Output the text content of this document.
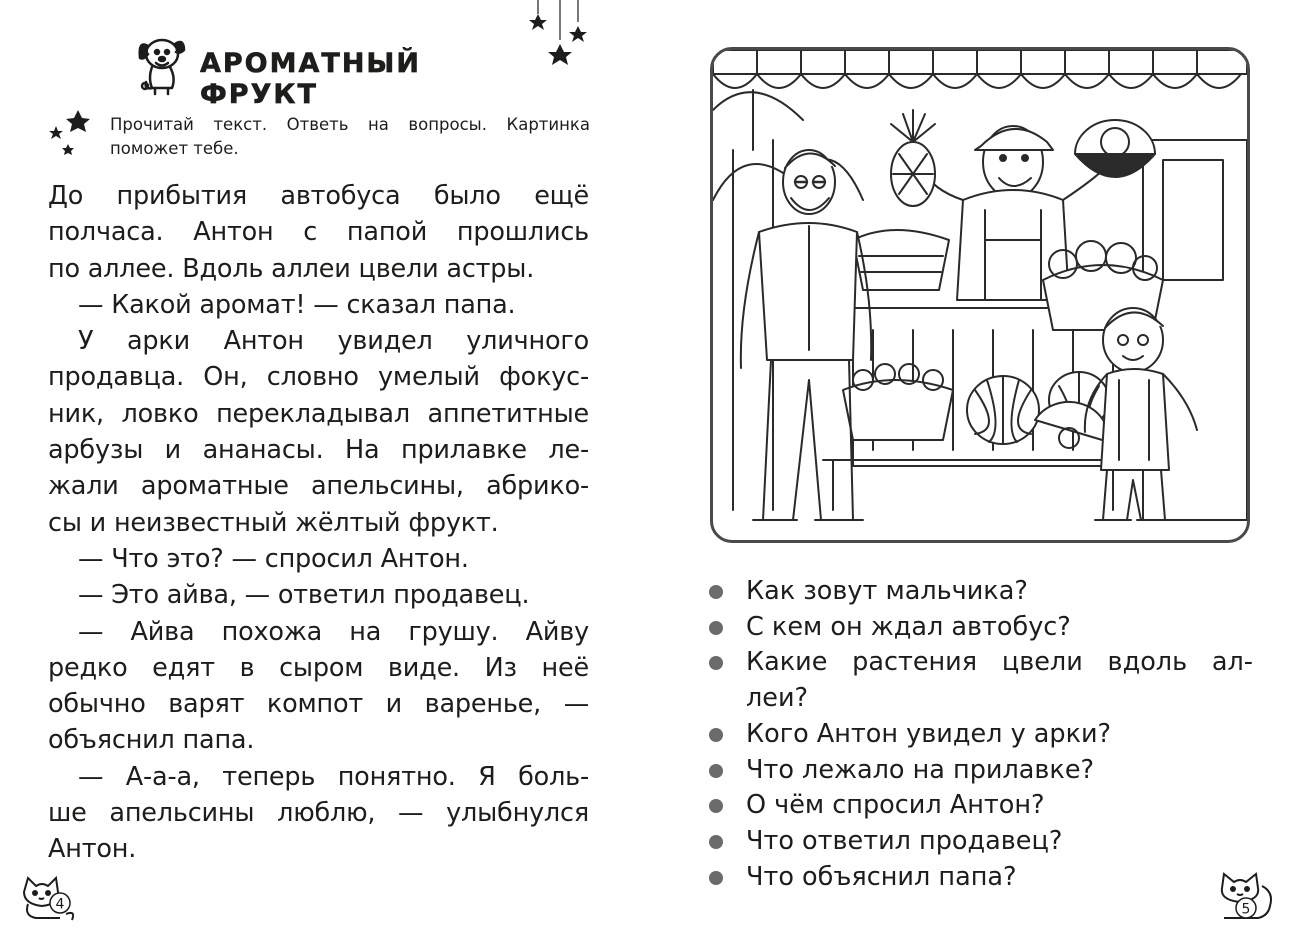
АРОМАТНЫЙ ФРУКТ

Прочитай текст. Ответь на вопросы. Картинка поможет тебе.

До прибытия автобуса было ещё
полчаса. Антон с папой прошлись
по аллее. Вдоль аллеи цвели астры.
— Какой аромат! — сказал папа.
У арки Антон увидел уличного
продавца. Он, словно умелый фокус-
ник, ловко перекладывал аппетитные
арбузы и ананасы. На прилавке ле-
жали ароматные апельсины, абрико-
сы и неизвестный жёлтый фрукт.
— Что это? — спросил Антон.
— Это айва, — ответил продавец.
— Айва похожа на грушу. Айву
редко едят в сыром виде. Из неё
обычно варят компот и варенье, —
объяснил папа.
— А-а-а, теперь понятно. Я боль-
ше апельсины люблю, — улыбнулся
Антон.
4
Как зовут мальчика?
С кем он ждал автобус?
Какие растения цвели вдоль ал-
леи?
Кого Антон увидел у арки?
Что лежало на прилавке?
О чём спросил Антон?
Что ответил продавец?
Что объяснил папа?
5
